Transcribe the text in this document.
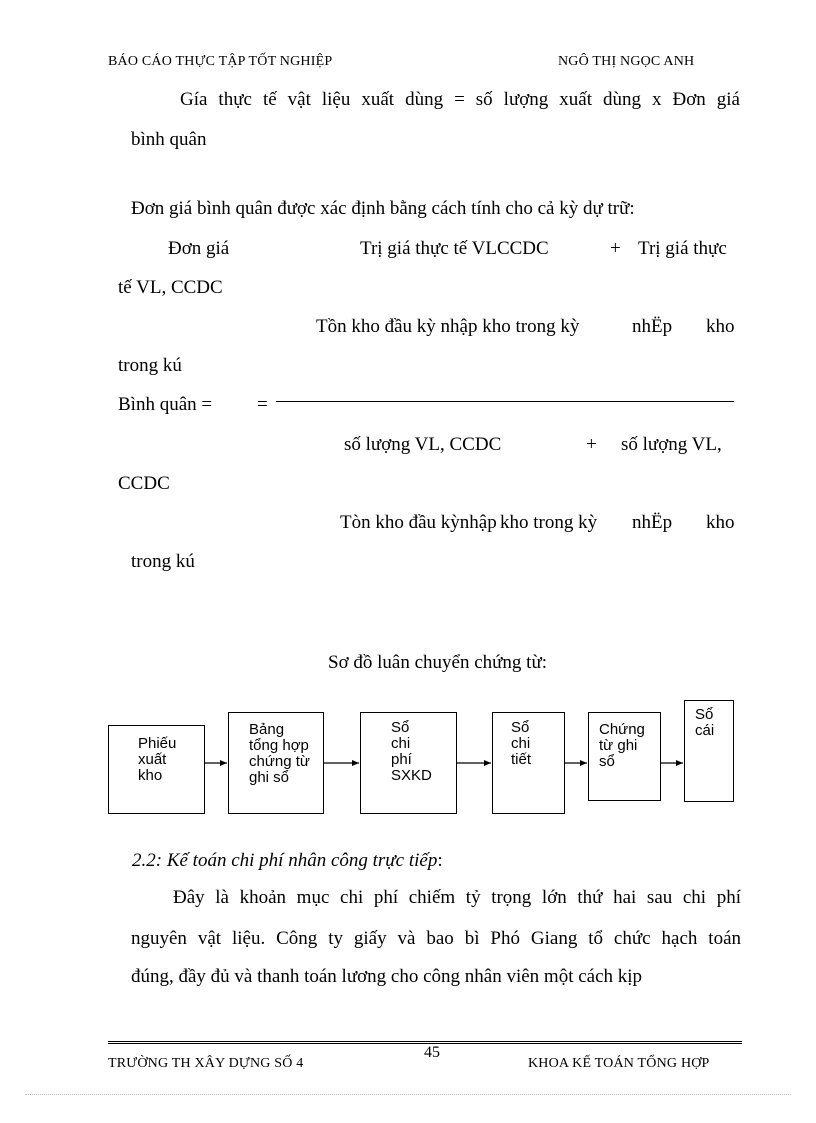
BÁO CÁO THỰC TẬP TỐT NGHIỆP	NGÔ THỊ NGỌC ANH
Gía thực tế vật liệu xuất dùng = số lượng xuất dùng x Đơn giá
bình quân
Đơn giá bình quân được xác định bằng cách tính cho cả kỳ dự trữ:
Đơn giá	Trị giá thực tế VLCCDC	+ Trị giá thực
tế VL, CCDC
Tồn kho đầu kỳ nhập kho trong kỳ	nhËp kho
trong kú
Bình quân = =
số lượng VL, CCDC	+ số lượng VL,
CCDC
Tòn kho đầu kỳnhập kho trong kỳ nhËp kho
trong kú
Sơ đồ luân chuyển chứng từ:
Phiếu
xuất
kho
Bảng
tổng hợp
chứng từ
ghi sổ
Sổ
chi
phí
SXKD
Sổ
chi
tiết
Chứng
từ ghi
sổ
Sổ
cái
2.2: Kế toán chi phí nhân công trực tiếp:
Đây là khoản mục chi phí chiếm tỷ trọng lớn thứ hai sau chi phí
nguyên vật liệu. Công ty giấy và bao bì Phó Giang tổ chức hạch toán
đúng, đầy đủ và thanh toán lương cho công nhân viên một cách kịp
TRƯỜNG TH XÂY DỰNG SỐ 4
45
KHOA KẾ TOÁN TỔNG HỢP
